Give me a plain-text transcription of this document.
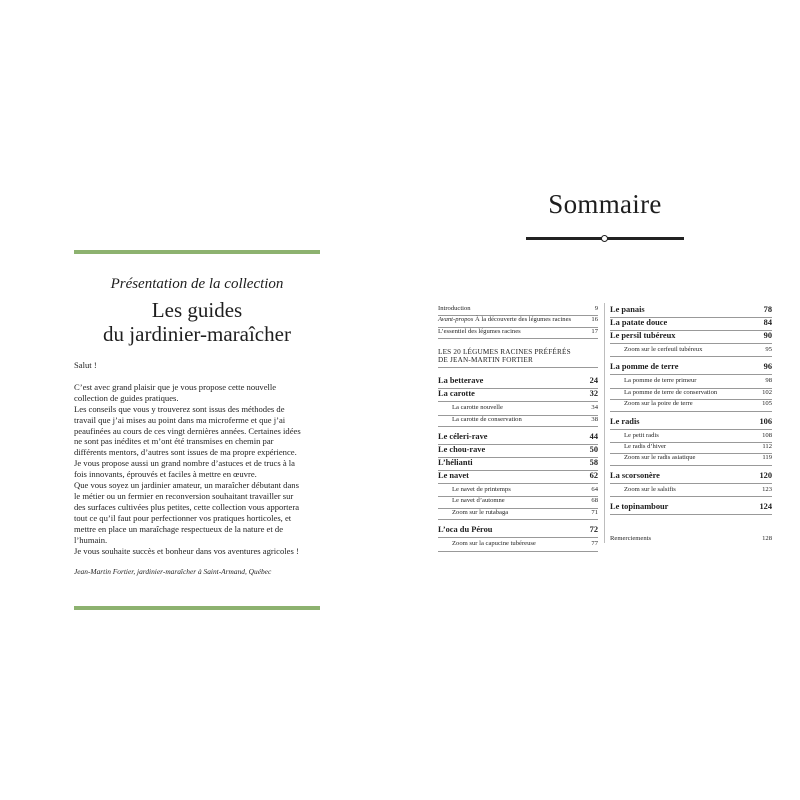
Présentation de la collection
Les guides
du jardinier-maraîcher

Salut !

C’est avec grand plaisir que je vous propose cette nouvelle
collection de guides pratiques.
Les conseils que vous y trouverez sont issus des méthodes de
travail que j’ai mises au point dans ma microferme et que j’ai
peaufinées au cours de ces vingt dernières années. Certaines idées
ne sont pas inédites et m’ont été transmises en chemin par
différents mentors, d’autres sont issues de ma propre expérience.
Je vous propose aussi un grand nombre d’astuces et de trucs à la
fois innovants, éprouvés et faciles à mettre en œuvre.
Que vous soyez un jardinier amateur, un maraîcher débutant dans
le métier ou un fermier en reconversion souhaitant travailler sur
des surfaces cultivées plus petites, cette collection vous apportera
tout ce qu’il faut pour perfectionner vos pratiques horticoles, et
mettre en place un maraîchage respectueux de la nature et de
l’humain.
Je vous souhaite succès et bonheur dans vos aventures agricoles !
Jean-Martin Fortier, jardinier-maraîcher à Saint-Armand, Québec
Sommaire
Introduction	9
Avant-propos À la découverte des légumes racines	16
L’essentiel des légumes racines	17
LES 20 LÉGUMES RACINES PRÉFÉRÉS
DE JEAN-MARTIN FORTIER
La betterave	24
La carotte	32
La carotte nouvelle	34
La carotte de conservation	38
Le céleri-rave	44
Le chou-rave	50
L’hélianti	58
Le navet	62
Le navet de printemps	64
Le navet d’automne	68
Zoom sur le rutabaga	71
L’oca du Pérou	72
Zoom sur la capucine tubéreuse	77
Le panais	78
La patate douce	84
Le persil tubéreux	90
Zoom sur le cerfeuil tubéreux	95
La pomme de terre	96
La pomme de terre primeur	98
La pomme de terre de conservation	102
Zoom sur la poire de terre	105
Le radis	106
Le petit radis	108
Le radis d’hiver	112
Zoom sur le radis asiatique	119
La scorsonère	120
Zoom sur le salsifis	123
Le topinambour	124
Remerciements	128
